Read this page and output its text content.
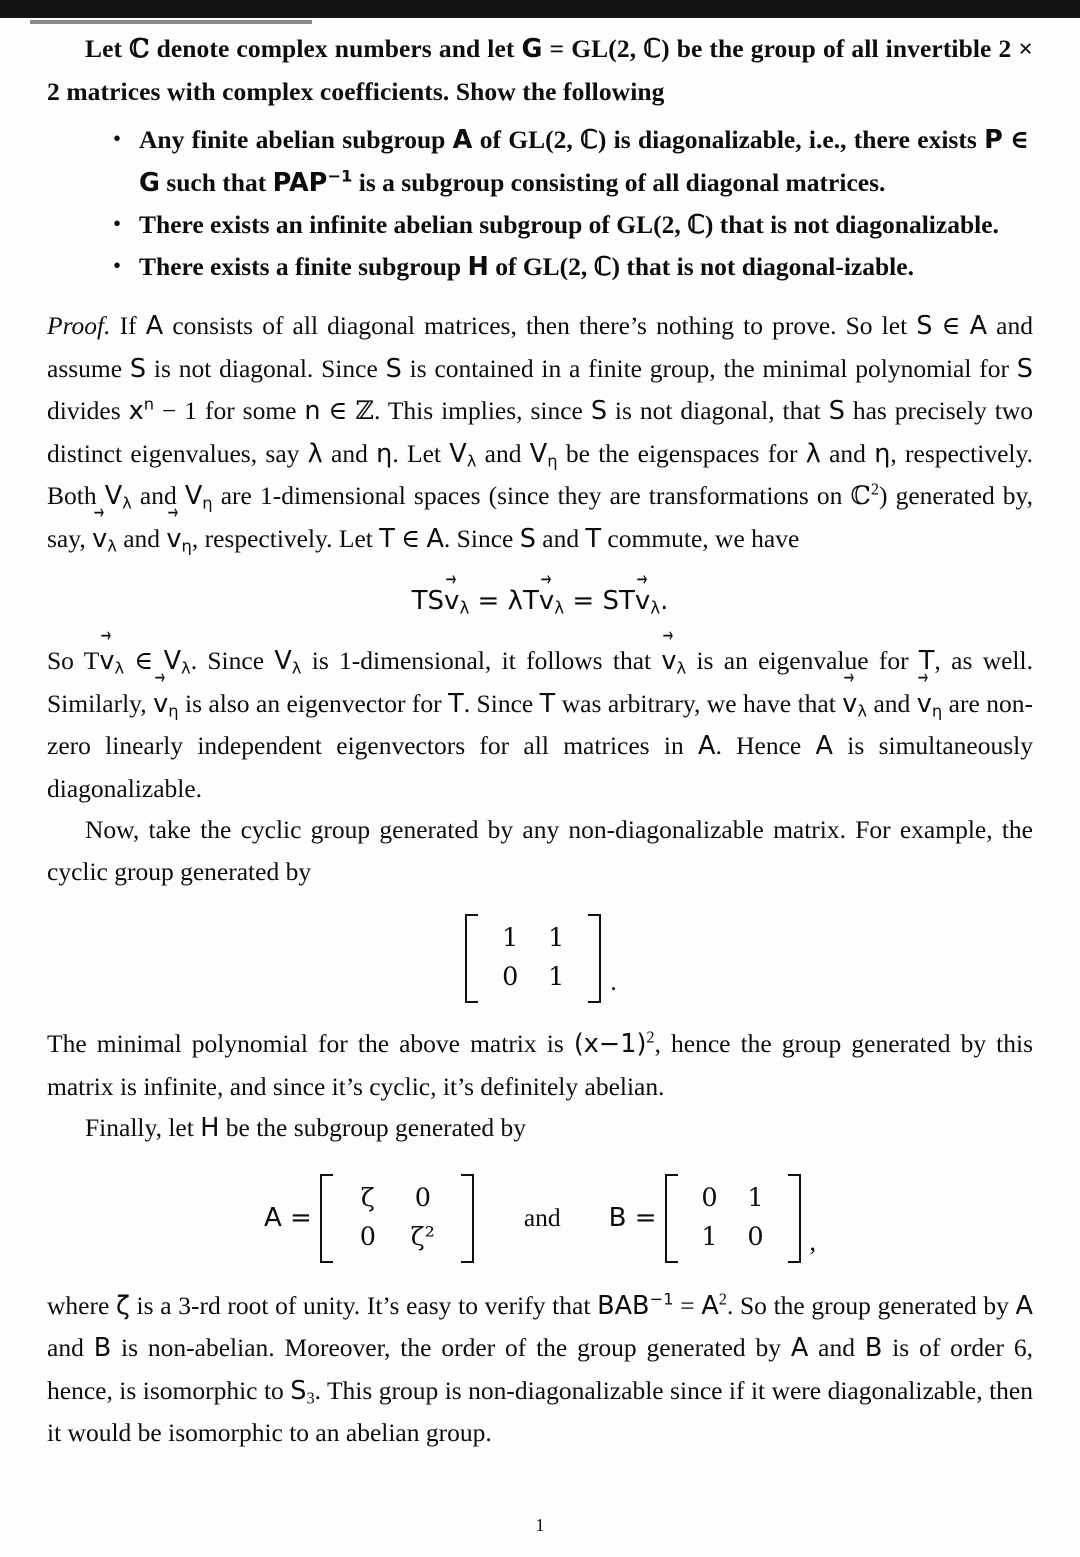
Let ℂ denote complex numbers and let G = GL(2, ℂ) be the group of all invertible 2 × 2 matrices with complex coefficients. Show the following

• Any finite abelian subgroup A of GL(2, ℂ) is diagonalizable, i.e., there exists P ∈ G such that $PAP^{-1}$ is a subgroup consisting of all diagonal matrices.
• There exists an infinite abelian subgroup of GL(2, ℂ) that is not diagonalizable.
• There exists a finite subgroup H of GL(2, ℂ) that is not diagonal-izable.

Proof. If A consists of all diagonal matrices, then there’s nothing to prove. So let S ∈ A and assume S is not diagonal. Since S is contained in a finite group, the minimal polynomial for S divides $x^n - 1$ for some n ∈ ℤ. This implies, since S is not diagonal, that S has precisely two distinct eigenvalues, say λ and η. Let $V_\lambda$ and $V_\eta$ be the eigenspaces for λ and η, respectively. Both $V_\lambda$ and $V_\eta$ are 1-dimensional spaces (since they are transformations on ℂ$^2$) generated by, say, → $v_\lambda$ and → $v_\eta$, respectively. Let T ∈ A. Since S and T commute, we have

$TS\to v_\lambda = \lambda T\to v_\lambda = ST\to v_\lambda$.

So $T\to v_\lambda$ ∈ $V_\lambda$. Since $V_\lambda$ is 1-dimensional, it follows that → $v_\lambda$ is an eigenvalue for T, as well. Similarly, → $v_\eta$ is also an eigenvector for T. Since T was arbitrary, we have that → $v_\lambda$ and → $v_\eta$ are non-zero linearly independent eigenvectors for all matrices in A. Hence A is simultaneously diagonalizable.

Now, take the cyclic group generated by any non-diagonalizable matrix. For example, the cyclic group generated by

1 1
0 1 .

The minimal polynomial for the above matrix is $(x-1)^2$, hence the group generated by this matrix is infinite, and since it’s cyclic, it’s definitely abelian.

Finally, let H be the subgroup generated by

A =
ζ 0
0 ζ²
and	B =
0 1
1 0 ,

where ζ is a 3-rd root of unity. It’s easy to verify that $BAB^{-1} = A^2$. So the group generated by A and B is non-abelian. Moreover, the order of the group generated by A and B is of order 6, hence, is isomorphic to $S_3$. This group is non-diagonalizable since if it were diagonalizable, then it would be isomorphic to an abelian group.

1
